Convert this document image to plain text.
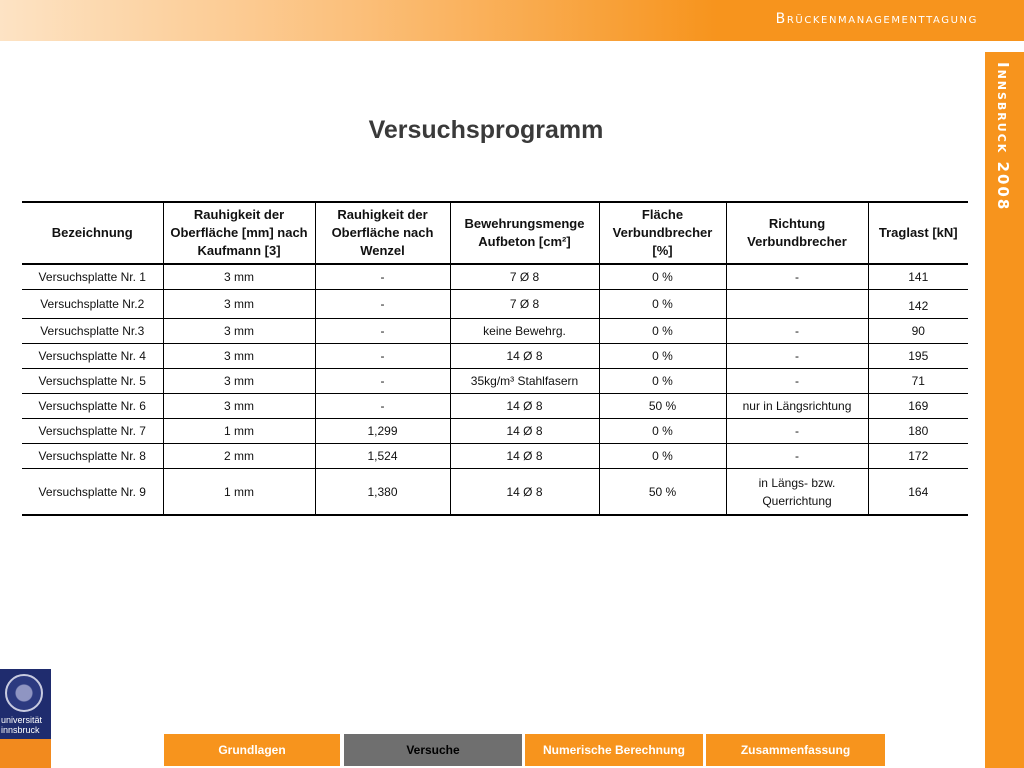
Brückenmanagementtagung
Innsbruck 2008
Versuchsprogramm
Bezeichnung	Rauhigkeit der Oberfläche [mm] nach Kaufmann [3]	Rauhigkeit der Oberfläche nach Wenzel	Bewehrungsmenge Aufbeton [cm²]	Fläche Verbundbrecher [%]	Richtung Verbundbrecher	Traglast [kN]
Versuchsplatte Nr. 1	3 mm	-	7 Ø 8	0 %	-	141
Versuchsplatte Nr.2	3 mm	-	7 Ø 8	0 %		142
Versuchsplatte Nr.3	3 mm	-	keine Bewehrg.	0 %	-	90
Versuchsplatte Nr. 4	3 mm	-	14 Ø 8	0 %	-	195
Versuchsplatte Nr. 5	3 mm	-	35kg/m³ Stahlfasern	0 %	-	71
Versuchsplatte Nr. 6	3 mm	-	14 Ø 8	50 %	nur in Längsrichtung	169
Versuchsplatte Nr. 7	1 mm	1,299	14 Ø 8	0 %	-	180
Versuchsplatte Nr. 8	2 mm	1,524	14 Ø 8	0 %	-	172
Versuchsplatte Nr. 9	1 mm	1,380	14 Ø 8	50 %	in Längs- bzw. Querrichtung	164
universität
innsbruck
Grundlagen	Versuche	Numerische Berechnung	Zusammenfassung
